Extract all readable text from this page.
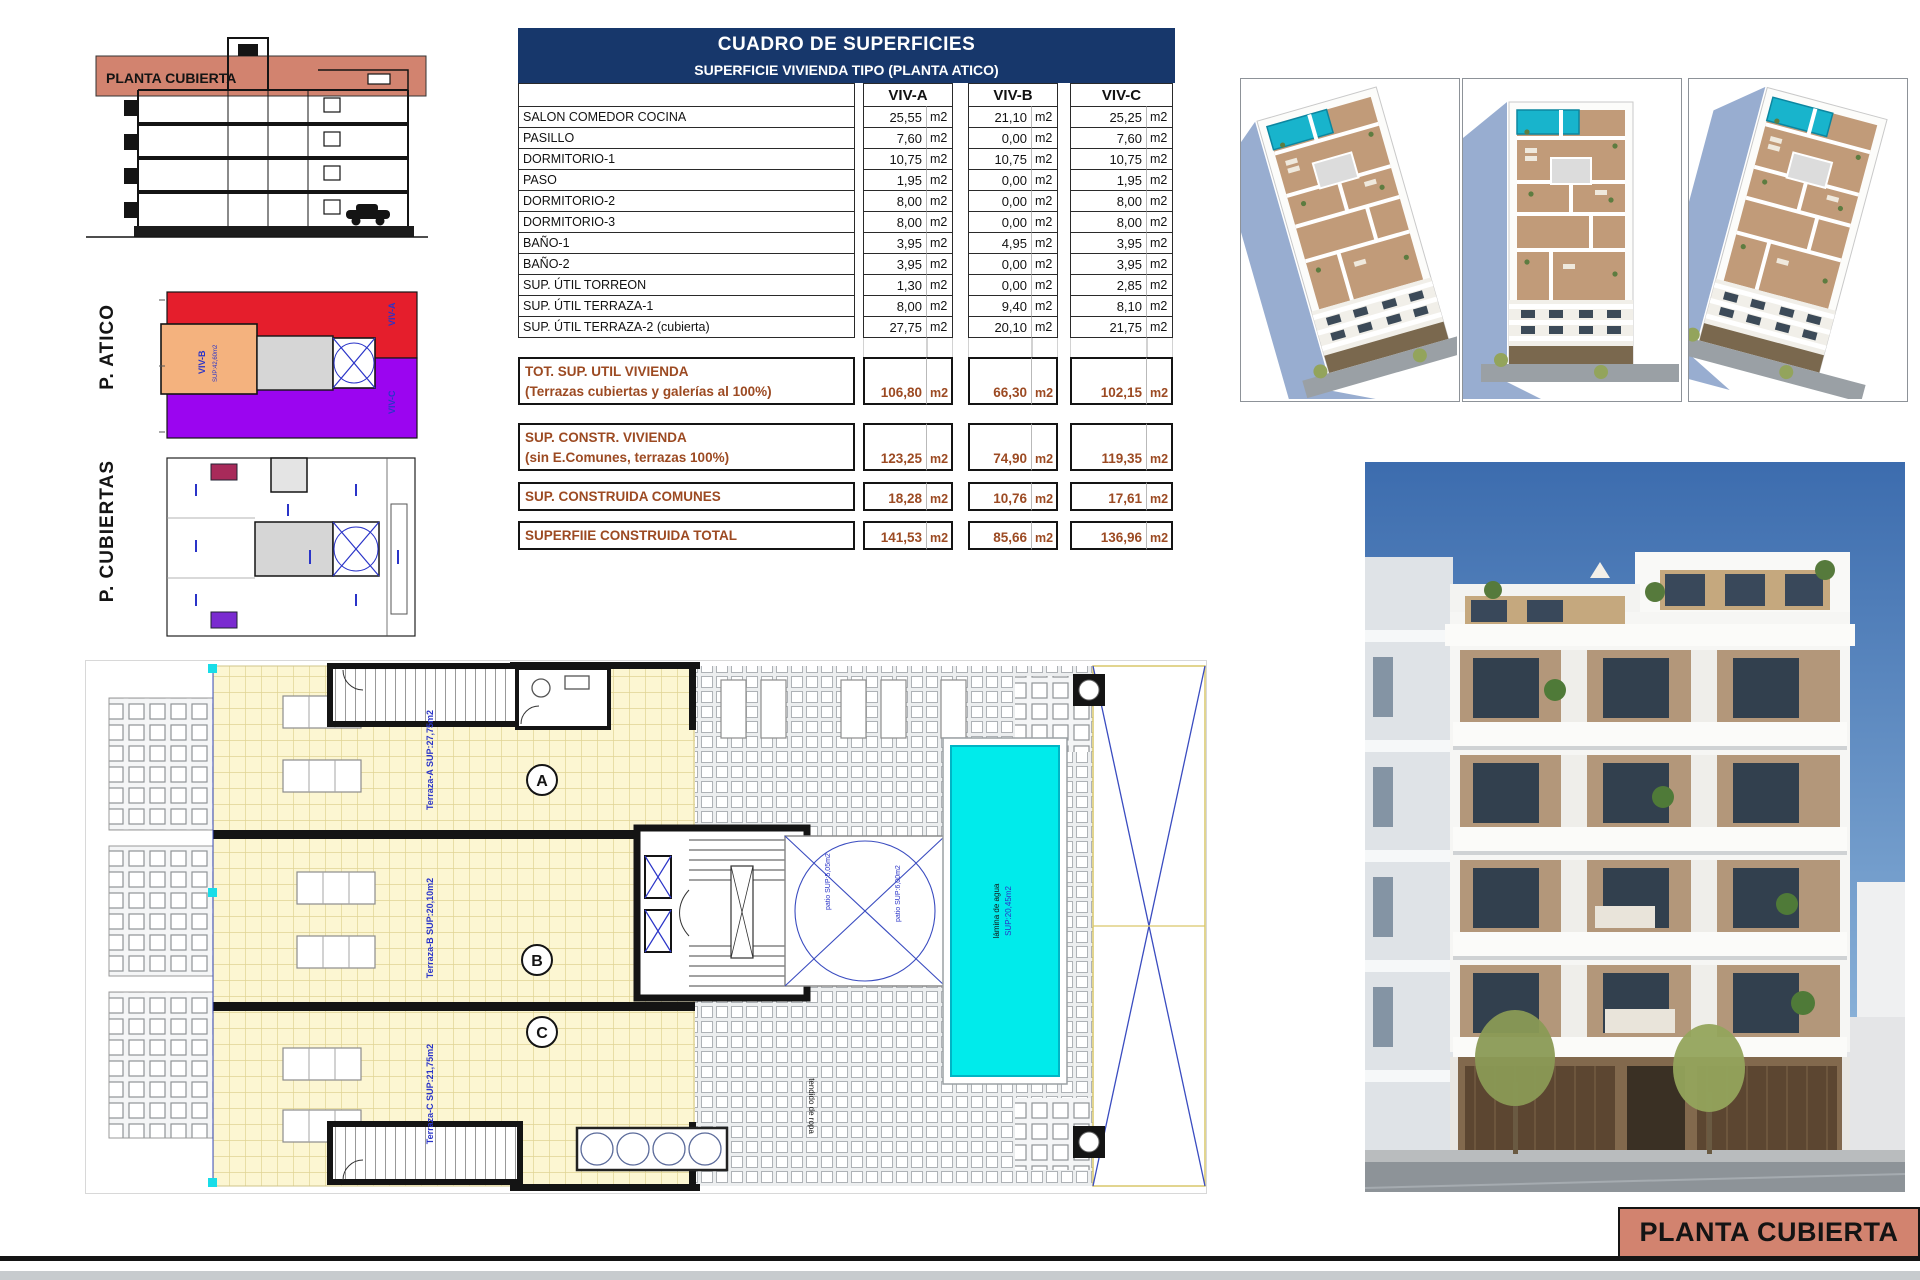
PLANTA CUBIERTA
P. ATICO	VIV-A
VIV-B SUP:42,60m2
VIV-C
P. CUBIERTAS
CUADRO DE SUPERFICIES
SUPERFICIE VIVIENDA TIPO (PLANTA ATICO)
VIV-A	VIV-B	VIV-C
SALON COMEDOR COCINA	25,55 m2	21,10 m2	25,25 m2
PASILLO	7,60 m2	0,00 m2	7,60 m2
DORMITORIO-1	10,75 m2	10,75 m2	10,75 m2
PASO	1,95 m2	0,00 m2	1,95 m2
DORMITORIO-2	8,00 m2	0,00 m2	8,00 m2
DORMITORIO-3	8,00 m2	0,00 m2	8,00 m2
BAÑO-1	3,95 m2	4,95 m2	3,95 m2
BAÑO-2	3,95 m2	0,00 m2	3,95 m2
SUP. ÚTIL TORREON	1,30 m2	0,00 m2	2,85 m2
SUP. ÚTIL TERRAZA-1	8,00 m2	9,40 m2	8,10 m2
SUP. ÚTIL TERRAZA-2 (cubierta)	27,75 m2	20,10 m2	21,75 m2
TOT. SUP. UTIL VIVIENDA
(Terrazas cubiertas y galerías al 100%)	106,80 m2	66,30 m2	102,15 m2
SUP. CONSTR. VIVIENDA
(sin E.Comunes, terrazas 100%)	123,25 m2	74,90 m2	119,35 m2
SUP. CONSTRUIDA COMUNES	18,28 m2	10,76 m2	17,61 m2
SUPERFIIE CONSTRUIDA TOTAL	141,53 m2	85,66 m2	136,96 m2
patio SUP:5,05m2	patio SUP:6,00m2	lámina de agua SUP:20,45m2
A
B
C
Terraza-A SUP:27,75m2
Terraza-B SUP:20,10m2
Terraza-C SUP:21,75m2	tendido de ropa
PLANTA CUBIERTA
